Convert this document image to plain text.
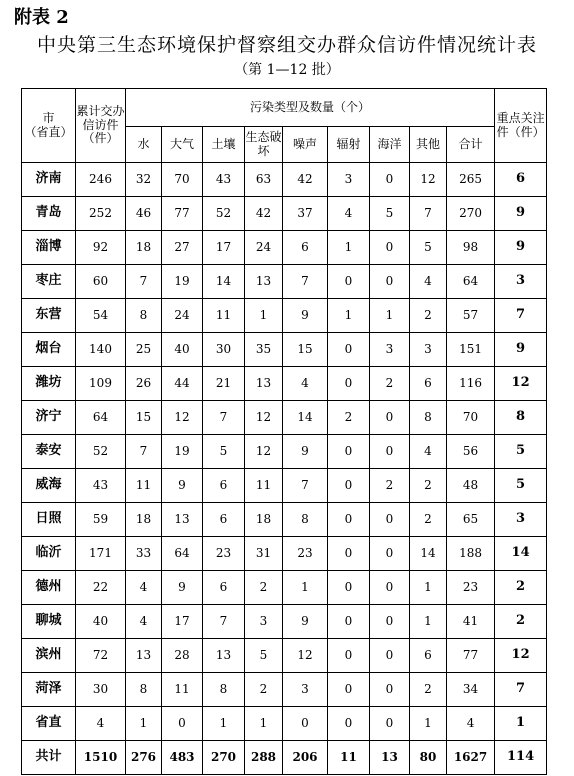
附表 2
中央第三生态环境保护督察组交办群众信访件情况统计表
（第 1—12 批）
市
（省直）	累计交办信访件（件）	污染类型及数量（个）									重点关注件（件）
		水	大气	土壤	生态破坏	噪声	辐射	海洋	其他	合计	
济南	246	32	70	43	63	42	3	0	12	265	6
青岛	252	46	77	52	42	37	4	5	7	270	9
淄博	92	18	27	17	24	6	1	0	5	98	9
枣庄	60	7	19	14	13	7	0	0	4	64	3
东营	54	8	24	11	1	9	1	1	2	57	7
烟台	140	25	40	30	35	15	0	3	3	151	9
潍坊	109	26	44	21	13	4	0	2	6	116	12
济宁	64	15	12	7	12	14	2	0	8	70	8
泰安	52	7	19	5	12	9	0	0	4	56	5
威海	43	11	9	6	11	7	0	2	2	48	5
日照	59	18	13	6	18	8	0	0	2	65	3
临沂	171	33	64	23	31	23	0	0	14	188	14
德州	22	4	9	6	2	1	0	0	1	23	2
聊城	40	4	17	7	3	9	0	0	1	41	2
滨州	72	13	28	13	5	12	0	0	6	77	12
菏泽	30	8	11	8	2	3	0	0	2	34	7
省直	4	1	0	1	1	0	0	0	1	4	1
共计	1510	276	483	270	288	206	11	13	80	1627	114
